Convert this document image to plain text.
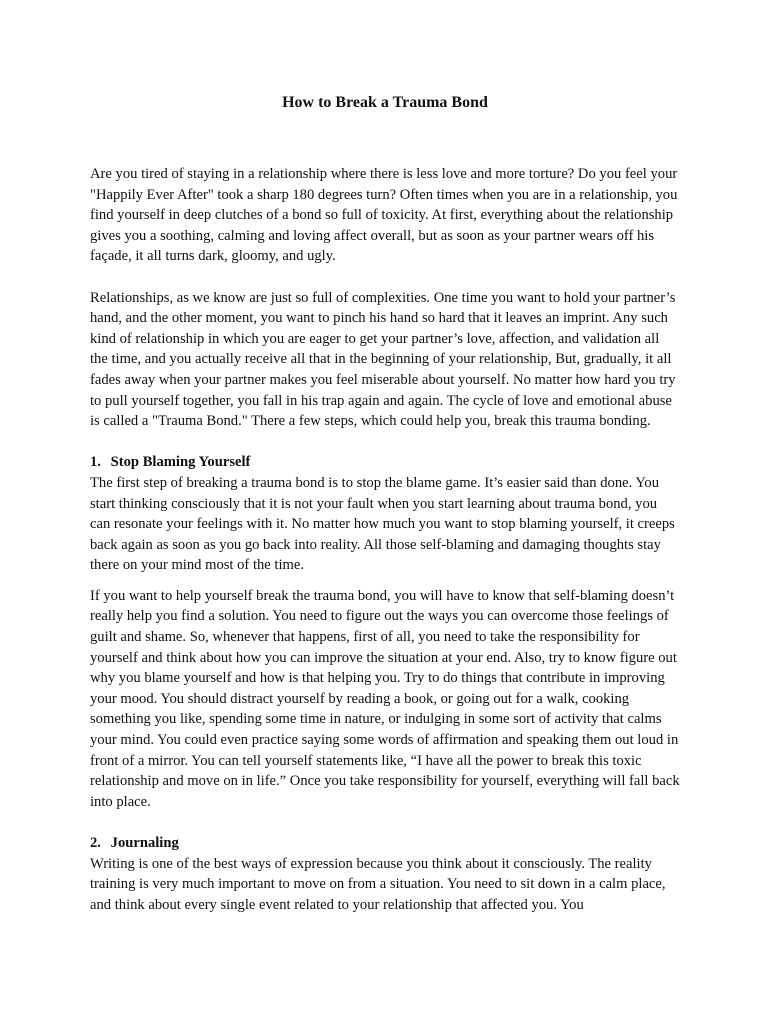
How to Break a Trauma Bond

Are you tired of staying in a relationship where there is less love and more torture? Do you feel your "Happily Ever After" took a sharp 180 degrees turn? Often times when you are in a relationship, you find yourself in deep clutches of a bond so full of toxicity. At first, everything about the relationship gives you a soothing, calming and loving affect overall, but as soon as your partner wears off his façade, it all turns dark, gloomy, and ugly.

Relationships, as we know are just so full of complexities. One time you want to hold your partner’s hand, and the other moment, you want to pinch his hand so hard that it leaves an imprint. Any such kind of relationship in which you are eager to get your partner’s love, affection, and validation all the time, and you actually receive all that in the beginning of your relationship, But, gradually, it all fades away when your partner makes you feel miserable about yourself. No matter how hard you try to pull yourself together, you fall in his trap again and again. The cycle of love and emotional abuse is called a "Trauma Bond." There a few steps, which could help you, break this trauma bonding.

1. Stop Blaming Yourself

The first step of breaking a trauma bond is to stop the blame game. It’s easier said than done. You start thinking consciously that it is not your fault when you start learning about trauma bond, you can resonate your feelings with it. No matter how much you want to stop blaming yourself, it creeps back again as soon as you go back into reality. All those self-blaming and damaging thoughts stay there on your mind most of the time.

If you want to help yourself break the trauma bond, you will have to know that self-blaming doesn’t really help you find a solution. You need to figure out the ways you can overcome those feelings of guilt and shame. So, whenever that happens, first of all, you need to take the responsibility for yourself and think about how you can improve the situation at your end. Also, try to know figure out why you blame yourself and how is that helping you. Try to do things that contribute in improving your mood. You should distract yourself by reading a book, or going out for a walk, cooking something you like, spending some time in nature, or indulging in some sort of activity that calms your mind. You could even practice saying some words of affirmation and speaking them out loud in front of a mirror. You can tell yourself statements like, “I have all the power to break this toxic relationship and move on in life.” Once you take responsibility for yourself, everything will fall back into place.

2. Journaling

Writing is one of the best ways of expression because you think about it consciously. The reality training is very much important to move on from a situation. You need to sit down in a calm place, and think about every single event related to your relationship that affected you. You
